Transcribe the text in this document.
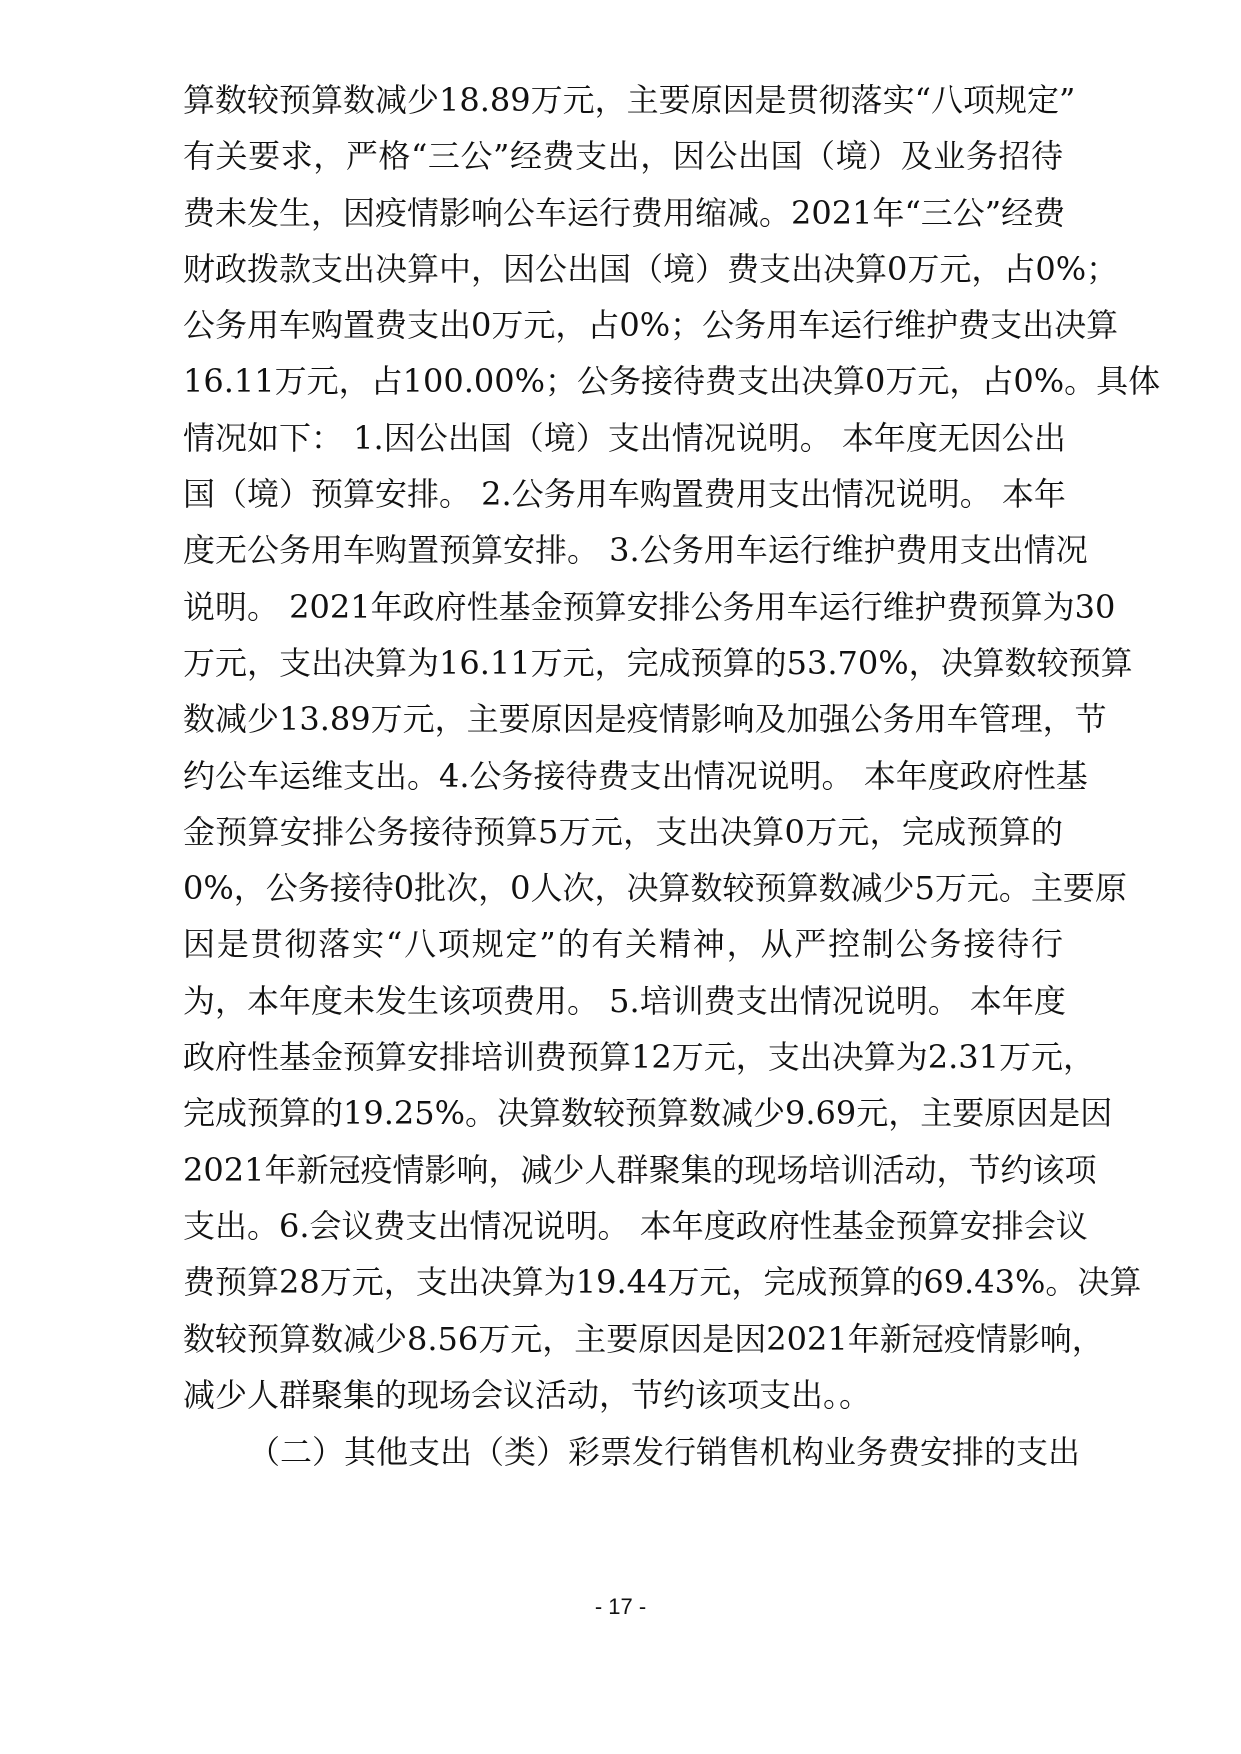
算数较预算数减少18.89万元，主要原因是贯彻落实“八项规定”
有关要求，严格“三公”经费支出，因公出国（境）及业务招待
费未发生，因疫情影响公车运行费用缩减。2021年“三公”经费
财政拨款支出决算中，因公出国（境）费支出决算0万元，占0%；
公务用车购置费支出0万元，占0%；公务用车运行维护费支出决算
16.11万元，占100.00%；公务接待费支出决算0万元，占0%。具体
情况如下： 1.因公出国（境）支出情况说明。 本年度无因公出
国（境）预算安排。 2.公务用车购置费用支出情况说明。 本年
度无公务用车购置预算安排。 3.公务用车运行维护费用支出情况
说明。 2021年政府性基金预算安排公务用车运行维护费预算为30
万元，支出决算为16.11万元，完成预算的53.70%，决算数较预算
数减少13.89万元，主要原因是疫情影响及加强公务用车管理，节
约公车运维支出。4.公务接待费支出情况说明。 本年度政府性基
金预算安排公务接待预算5万元，支出决算0万元，完成预算的
0%，公务接待0批次，0人次，决算数较预算数减少5万元。主要原
因是贯彻落实“八项规定”的有关精神，从严控制公务接待行
为，本年度未发生该项费用。 5.培训费支出情况说明。 本年度
政府性基金预算安排培训费预算12万元，支出决算为2.31万元，
完成预算的19.25%。决算数较预算数减少9.69元，主要原因是因
2021年新冠疫情影响，减少人群聚集的现场培训活动，节约该项
支出。6.会议费支出情况说明。 本年度政府性基金预算安排会议
费预算28万元，支出决算为19.44万元，完成预算的69.43%。决算
数较预算数减少8.56万元，主要原因是因2021年新冠疫情影响，
减少人群聚集的现场会议活动，节约该项支出。。
（二）其他支出（类）彩票发行销售机构业务费安排的支出
- 17 -
